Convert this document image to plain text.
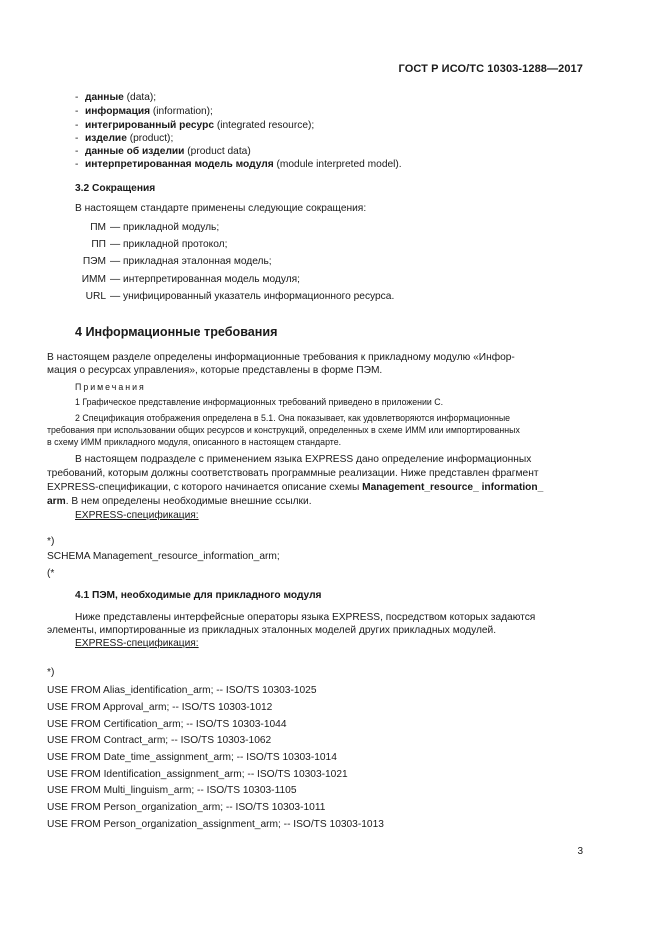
ГОСТ Р ИСО/ТС 10303-1288—2017
- данные (data);
- информация (information);
- интегрированный ресурс (integrated resource);
- изделие (product);
- данные об изделии (product data)
- интерпретированная модель модуля (module interpreted model).
3.2 Сокращения
В настоящем стандарте применены следующие сокращения:
ПМ — прикладной модуль;
ПП — прикладной протокол;
ПЭМ — прикладная эталонная модель;
ИММ — интерпретированная модель модуля;
URL — унифицированный указатель информационного ресурса.
4 Информационные требования
В настоящем разделе определены информационные требования к прикладному модулю «Инфор-
мация о ресурсах управления», которые представлены в форме ПЭМ.
Примечания
1 Графическое представление информационных требований приведено в приложении С.
2 Спецификация отображения определена в 5.1. Она показывает, как удовлетворяются информационные
требования при использовании общих ресурсов и конструкций, определенных в схеме ИММ или импортированных
в схему ИММ прикладного модуля, описанного в настоящем стандарте.
В настоящем подразделе с применением языка EXPRESS дано определение информационных
требований, которым должны соответствовать программные реализации. Ниже представлен фрагмент
EXPRESS-спецификации, с которого начинается описание схемы Management_resource_ information_
arm. В нем определены необходимые внешние ссылки.
EXPRESS-спецификация:
*)
SCHEMA Management_resource_information_arm;
(*
4.1 ПЭМ, необходимые для прикладного модуля
Ниже представлены интерфейсные операторы языка EXPRESS, посредством которых задаются
элементы, импортированные из прикладных эталонных моделей других прикладных модулей.
EXPRESS-спецификация:
*)
USE FROM Alias_identification_arm; -- ISO/TS 10303-1025
USE FROM Approval_arm; -- ISO/TS 10303-1012
USE FROM Certification_arm; -- ISO/TS 10303-1044
USE FROM Contract_arm; -- ISO/TS 10303-1062
USE FROM Date_time_assignment_arm; -- ISO/TS 10303-1014
USE FROM Identification_assignment_arm; -- ISO/TS 10303-1021
USE FROM Multi_linguism_arm; -- ISO/TS 10303-1105
USE FROM Person_organization_arm; -- ISO/TS 10303-1011
USE FROM Person_organization_assignment_arm; -- ISO/TS 10303-1013
3
